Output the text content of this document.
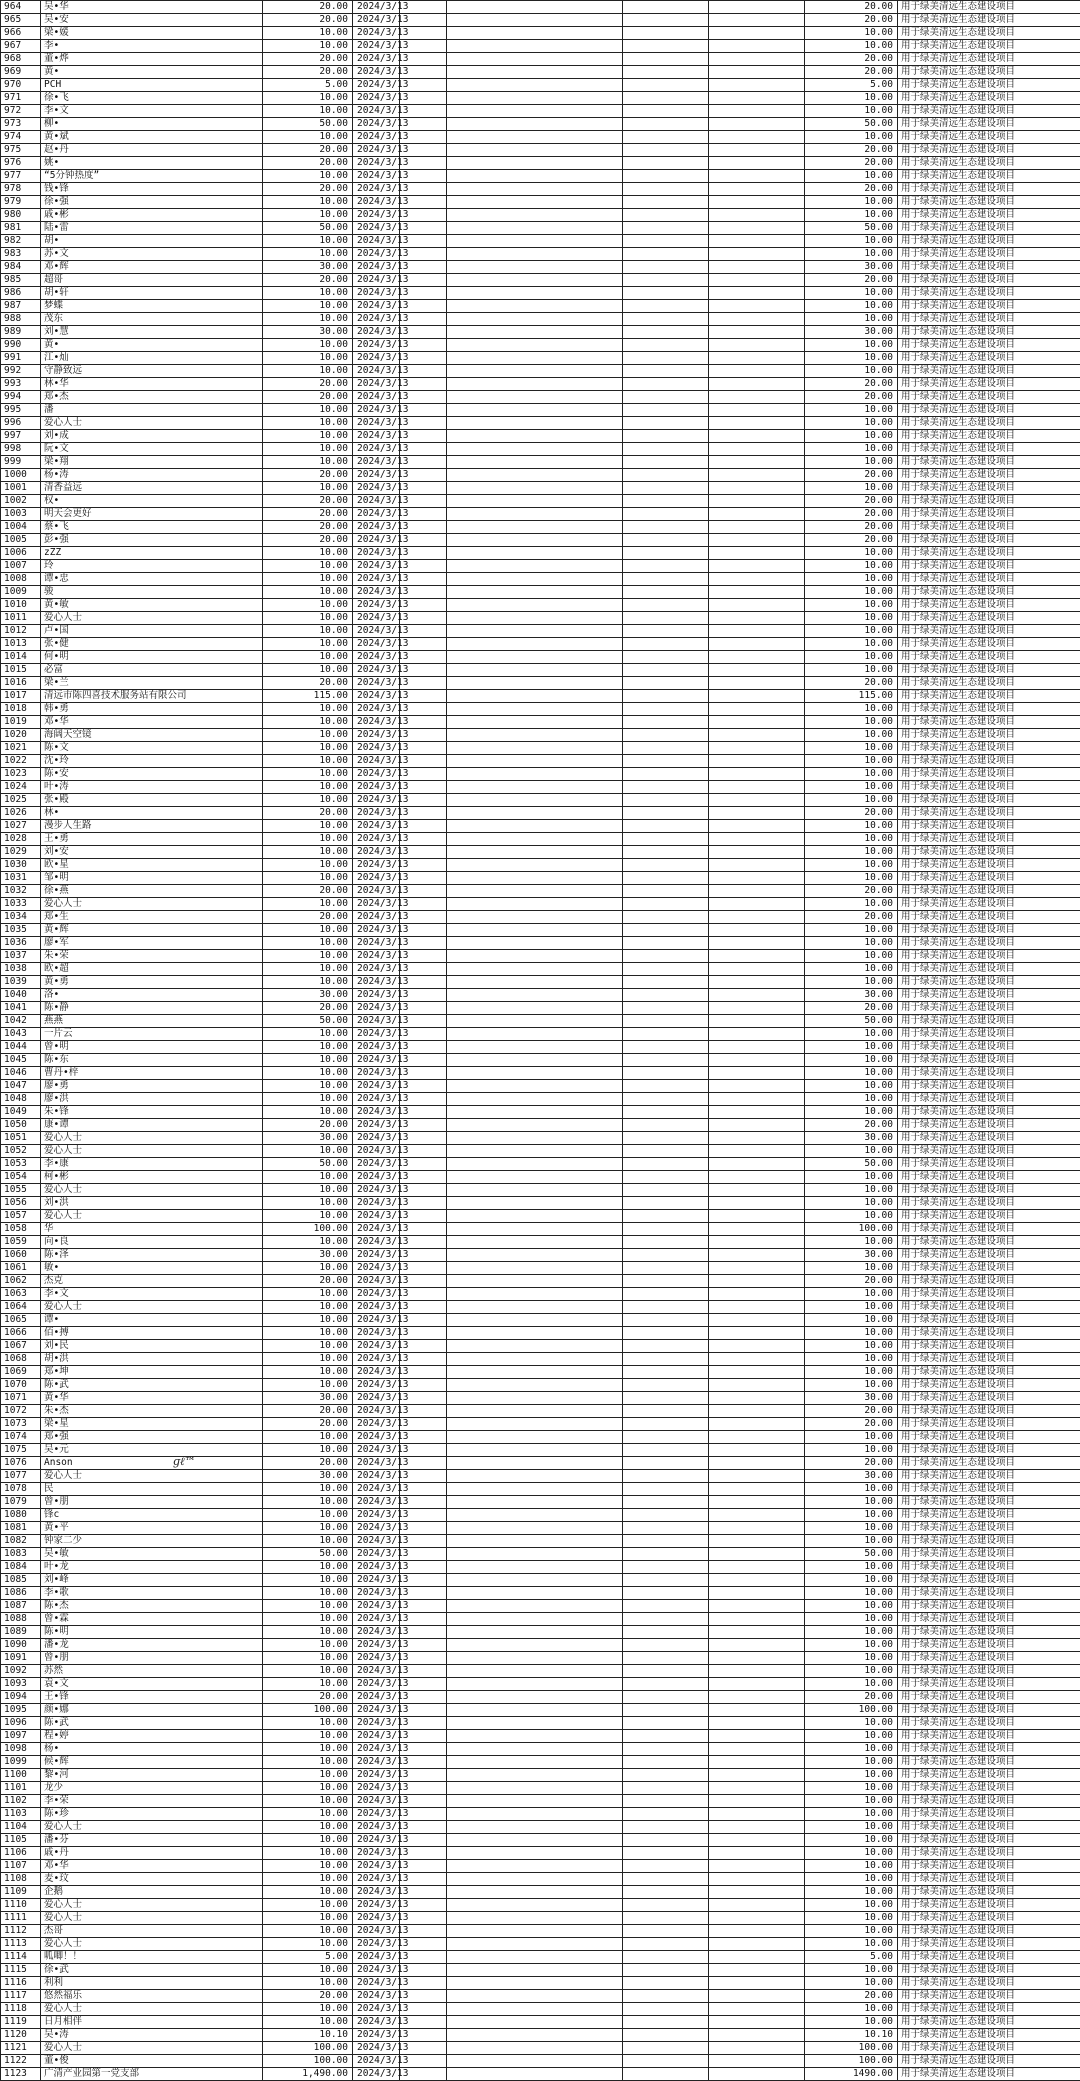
964	吴•华	20.00	2024/3/13					20.00	用于绿美清远生态建设项目
965	吴•安	20.00	2024/3/13					20.00	用于绿美清远生态建设项目
966	梁•媛	10.00	2024/3/13					10.00	用于绿美清远生态建设项目
967	李•	10.00	2024/3/13					10.00	用于绿美清远生态建设项目
968	董•烨	20.00	2024/3/13					20.00	用于绿美清远生态建设项目
969	黄•	20.00	2024/3/13					20.00	用于绿美清远生态建设项目
970	PCH	5.00	2024/3/13					5.00	用于绿美清远生态建设项目
971	徐•飞	10.00	2024/3/13					10.00	用于绿美清远生态建设项目
972	李•文	10.00	2024/3/13					10.00	用于绿美清远生态建设项目
973	柳•	50.00	2024/3/13					50.00	用于绿美清远生态建设项目
974	黄•斌	10.00	2024/3/13					10.00	用于绿美清远生态建设项目
975	赵•丹	20.00	2024/3/13					20.00	用于绿美清远生态建设项目
976	姚•	20.00	2024/3/13					20.00	用于绿美清远生态建设项目
977	“5分钟热度”	10.00	2024/3/13					10.00	用于绿美清远生态建设项目
978	钱•锋	20.00	2024/3/13					20.00	用于绿美清远生态建设项目
979	徐•强	10.00	2024/3/13					10.00	用于绿美清远生态建设项目
980	戚•彬	10.00	2024/3/13					10.00	用于绿美清远生态建设项目
981	陆•雷	50.00	2024/3/13					50.00	用于绿美清远生态建设项目
982	胡•	10.00	2024/3/13					10.00	用于绿美清远生态建设项目
983	苏•文	10.00	2024/3/13					10.00	用于绿美清远生态建设项目
984	邓•辉	30.00	2024/3/13					30.00	用于绿美清远生态建设项目
985	超哥	20.00	2024/3/13					20.00	用于绿美清远生态建设项目
986	胡•轩	10.00	2024/3/13					10.00	用于绿美清远生态建设项目
987	梦蝶	10.00	2024/3/13					10.00	用于绿美清远生态建设项目
988	茂东	10.00	2024/3/13					10.00	用于绿美清远生态建设项目
989	刘•慧	30.00	2024/3/13					30.00	用于绿美清远生态建设项目
990	黄•	10.00	2024/3/13					10.00	用于绿美清远生态建设项目
991	江•灿	10.00	2024/3/13					10.00	用于绿美清远生态建设项目
992	守静致远	10.00	2024/3/13					10.00	用于绿美清远生态建设项目
993	林•华	20.00	2024/3/13					20.00	用于绿美清远生态建设项目
994	郑•杰	20.00	2024/3/13					20.00	用于绿美清远生态建设项目
995	潘	10.00	2024/3/13					10.00	用于绿美清远生态建设项目
996	爱心人士	10.00	2024/3/13					10.00	用于绿美清远生态建设项目
997	刘•成	10.00	2024/3/13					10.00	用于绿美清远生态建设项目
998	阮•文	10.00	2024/3/13					10.00	用于绿美清远生态建设项目
999	梁•翔	10.00	2024/3/13					10.00	用于绿美清远生态建设项目
1000	杨•涛	20.00	2024/3/13					20.00	用于绿美清远生态建设项目
1001	清香益远	10.00	2024/3/13					10.00	用于绿美清远生态建设项目
1002	权•	20.00	2024/3/13					20.00	用于绿美清远生态建设项目
1003	明天会更好	20.00	2024/3/13					20.00	用于绿美清远生态建设项目
1004	蔡•飞	20.00	2024/3/13					20.00	用于绿美清远生态建设项目
1005	彭•强	20.00	2024/3/13					20.00	用于绿美清远生态建设项目
1006	zZZ	10.00	2024/3/13					10.00	用于绿美清远生态建设项目
1007	玲	10.00	2024/3/13					10.00	用于绿美清远生态建设项目
1008	谭•忠	10.00	2024/3/13					10.00	用于绿美清远生态建设项目
1009	骏	10.00	2024/3/13					10.00	用于绿美清远生态建设项目
1010	黄•敏	10.00	2024/3/13					10.00	用于绿美清远生态建设项目
1011	爱心人士	10.00	2024/3/13					10.00	用于绿美清远生态建设项目
1012	卢•国	10.00	2024/3/13					10.00	用于绿美清远生态建设项目
1013	张•健	10.00	2024/3/13					10.00	用于绿美清远生态建设项目
1014	何•明	10.00	2024/3/13					10.00	用于绿美清远生态建设项目
1015	必富	10.00	2024/3/13					10.00	用于绿美清远生态建设项目
1016	梁•兰	20.00	2024/3/13					20.00	用于绿美清远生态建设项目
1017	清远市陈四喜技术服务站有限公司	115.00	2024/3/13					115.00	用于绿美清远生态建设项目
1018	韩•勇	10.00	2024/3/13					10.00	用于绿美清远生态建设项目
1019	邓•华	10.00	2024/3/13					10.00	用于绿美清远生态建设项目
1020	海阔天空镜	10.00	2024/3/13					10.00	用于绿美清远生态建设项目
1021	陈•文	10.00	2024/3/13					10.00	用于绿美清远生态建设项目
1022	沈•玲	10.00	2024/3/13					10.00	用于绿美清远生态建设项目
1023	陈•安	10.00	2024/3/13					10.00	用于绿美清远生态建设项目
1024	叶•涛	10.00	2024/3/13					10.00	用于绿美清远生态建设项目
1025	张•殿	10.00	2024/3/13					10.00	用于绿美清远生态建设项目
1026	林•	20.00	2024/3/13					20.00	用于绿美清远生态建设项目
1027	漫步人生路	10.00	2024/3/13					10.00	用于绿美清远生态建设项目
1028	王•勇	10.00	2024/3/13					10.00	用于绿美清远生态建设项目
1029	刘•安	10.00	2024/3/13					10.00	用于绿美清远生态建设项目
1030	欧•星	10.00	2024/3/13					10.00	用于绿美清远生态建设项目
1031	邹•明	10.00	2024/3/13					10.00	用于绿美清远生态建设项目
1032	徐•燕	20.00	2024/3/13					20.00	用于绿美清远生态建设项目
1033	爱心人士	10.00	2024/3/13					10.00	用于绿美清远生态建设项目
1034	郑•生	20.00	2024/3/13					20.00	用于绿美清远生态建设项目
1035	黄•辉	10.00	2024/3/13					10.00	用于绿美清远生态建设项目
1036	廖•军	10.00	2024/3/13					10.00	用于绿美清远生态建设项目
1037	朱•荣	10.00	2024/3/13					10.00	用于绿美清远生态建设项目
1038	欧•超	10.00	2024/3/13					10.00	用于绿美清远生态建设项目
1039	黄•勇	10.00	2024/3/13					10.00	用于绿美清远生态建设项目
1040	洛•	30.00	2024/3/13					30.00	用于绿美清远生态建设项目
1041	陈•静	20.00	2024/3/13					20.00	用于绿美清远生态建设项目
1042	燕燕	50.00	2024/3/13					50.00	用于绿美清远生态建设项目
1043	一片云	10.00	2024/3/13					10.00	用于绿美清远生态建设项目
1044	曾•明	10.00	2024/3/13					10.00	用于绿美清远生态建设项目
1045	陈•东	10.00	2024/3/13					10.00	用于绿美清远生态建设项目
1046	曹丹•梓	10.00	2024/3/13					10.00	用于绿美清远生态建设项目
1047	廖•勇	10.00	2024/3/13					10.00	用于绿美清远生态建设项目
1048	廖•洪	10.00	2024/3/13					10.00	用于绿美清远生态建设项目
1049	朱•锋	10.00	2024/3/13					10.00	用于绿美清远生态建设项目
1050	康•谭	20.00	2024/3/13					20.00	用于绿美清远生态建设项目
1051	爱心人士	30.00	2024/3/13					30.00	用于绿美清远生态建设项目
1052	爱心人士	10.00	2024/3/13					10.00	用于绿美清远生态建设项目
1053	李•康	50.00	2024/3/13					50.00	用于绿美清远生态建设项目
1054	柯•彬	10.00	2024/3/13					10.00	用于绿美清远生态建设项目
1055	爱心人士	10.00	2024/3/13					10.00	用于绿美清远生态建设项目
1056	刘•洪	10.00	2024/3/13					10.00	用于绿美清远生态建设项目
1057	爱心人士	10.00	2024/3/13					10.00	用于绿美清远生态建设项目
1058	华	100.00	2024/3/13					100.00	用于绿美清远生态建设项目
1059	向•良	10.00	2024/3/13					10.00	用于绿美清远生态建设项目
1060	陈•泽	30.00	2024/3/13					30.00	用于绿美清远生态建设项目
1061	敏•	10.00	2024/3/13					10.00	用于绿美清远生态建设项目
1062	杰克	20.00	2024/3/13					20.00	用于绿美清远生态建设项目
1063	李•文	10.00	2024/3/13					10.00	用于绿美清远生态建设项目
1064	爱心人士	10.00	2024/3/13					10.00	用于绿美清远生态建设项目
1065	谭•	10.00	2024/3/13					10.00	用于绿美清远生态建设项目
1066	佰•搏	10.00	2024/3/13					10.00	用于绿美清远生态建设项目
1067	刘•民	10.00	2024/3/13					10.00	用于绿美清远生态建设项目
1068	胡•洪	10.00	2024/3/13					10.00	用于绿美清远生态建设项目
1069	郑•坤	10.00	2024/3/13					10.00	用于绿美清远生态建设项目
1070	陈•武	10.00	2024/3/13					10.00	用于绿美清远生态建设项目
1071	黄•华	30.00	2024/3/13					30.00	用于绿美清远生态建设项目
1072	朱•杰	20.00	2024/3/13					20.00	用于绿美清远生态建设项目
1073	梁•星	20.00	2024/3/13					20.00	用于绿美清远生态建设项目
1074	郑•强	10.00	2024/3/13					10.00	用于绿美清远生态建设项目
1075	吴•元	10.00	2024/3/13					10.00	用于绿美清远生态建设项目
1076	Anson ɡℓ™	20.00	2024/3/13					20.00	用于绿美清远生态建设项目
1077	爱心人士	30.00	2024/3/13					30.00	用于绿美清远生态建设项目
1078	民	10.00	2024/3/13					10.00	用于绿美清远生态建设项目
1079	曾•朋	10.00	2024/3/13					10.00	用于绿美清远生态建设项目
1080	锋c	10.00	2024/3/13					10.00	用于绿美清远生态建设项目
1081	黄•平	10.00	2024/3/13					10.00	用于绿美清远生态建设项目
1082	钟家二少	10.00	2024/3/13					10.00	用于绿美清远生态建设项目
1083	吴•敏	50.00	2024/3/13					50.00	用于绿美清远生态建设项目
1084	叶•龙	10.00	2024/3/13					10.00	用于绿美清远生态建设项目
1085	刘•峰	10.00	2024/3/13					10.00	用于绿美清远生态建设项目
1086	李•歌	10.00	2024/3/13					10.00	用于绿美清远生态建设项目
1087	陈•杰	10.00	2024/3/13					10.00	用于绿美清远生态建设项目
1088	曾•霖	10.00	2024/3/13					10.00	用于绿美清远生态建设项目
1089	陈•明	10.00	2024/3/13					10.00	用于绿美清远生态建设项目
1090	潘•龙	10.00	2024/3/13					10.00	用于绿美清远生态建设项目
1091	曾•朋	10.00	2024/3/13					10.00	用于绿美清远生态建设项目
1092	苏然	10.00	2024/3/13					10.00	用于绿美清远生态建设项目
1093	袁•文	10.00	2024/3/13					10.00	用于绿美清远生态建设项目
1094	王•锋	20.00	2024/3/13					20.00	用于绿美清远生态建设项目
1095	颜•娜	100.00	2024/3/13					100.00	用于绿美清远生态建设项目
1096	陈•武	10.00	2024/3/13					10.00	用于绿美清远生态建设项目
1097	程•婷	10.00	2024/3/13					10.00	用于绿美清远生态建设项目
1098	杨•	10.00	2024/3/13					10.00	用于绿美清远生态建设项目
1099	候•辉	10.00	2024/3/13					10.00	用于绿美清远生态建设项目
1100	黎•河	10.00	2024/3/13					10.00	用于绿美清远生态建设项目
1101	龙少	10.00	2024/3/13					10.00	用于绿美清远生态建设项目
1102	李•荣	10.00	2024/3/13					10.00	用于绿美清远生态建设项目
1103	陈•珍	10.00	2024/3/13					10.00	用于绿美清远生态建设项目
1104	爱心人士	10.00	2024/3/13					10.00	用于绿美清远生态建设项目
1105	潘•芬	10.00	2024/3/13					10.00	用于绿美清远生态建设项目
1106	戚•丹	10.00	2024/3/13					10.00	用于绿美清远生态建设项目
1107	邓•华	10.00	2024/3/13					10.00	用于绿美清远生态建设项目
1108	麦•玟	10.00	2024/3/13					10.00	用于绿美清远生态建设项目
1109	企鹅	10.00	2024/3/13					10.00	用于绿美清远生态建设项目
1110	爱心人士	10.00	2024/3/13					10.00	用于绿美清远生态建设项目
1111	爱心人士	10.00	2024/3/13					10.00	用于绿美清远生态建设项目
1112	杰哥	10.00	2024/3/13					10.00	用于绿美清远生态建设项目
1113	爱心人士	10.00	2024/3/13					10.00	用于绿美清远生态建设项目
1114	呱唧！！	5.00	2024/3/13					5.00	用于绿美清远生态建设项目
1115	徐•武	10.00	2024/3/13					10.00	用于绿美清远生态建设项目
1116	利利	10.00	2024/3/13					10.00	用于绿美清远生态建设项目
1117	悠然福乐	20.00	2024/3/13					20.00	用于绿美清远生态建设项目
1118	爱心人士	10.00	2024/3/13					10.00	用于绿美清远生态建设项目
1119	日月相伴	10.00	2024/3/13					10.00	用于绿美清远生态建设项目
1120	吴•涛	10.10	2024/3/13					10.10	用于绿美清远生态建设项目
1121	爱心人士	100.00	2024/3/13					100.00	用于绿美清远生态建设项目
1122	董•俊	100.00	2024/3/13					100.00	用于绿美清远生态建设项目
1123	广清产业园第一党支部	1,490.00	2024/3/13					1490.00	用于绿美清远生态建设项目
